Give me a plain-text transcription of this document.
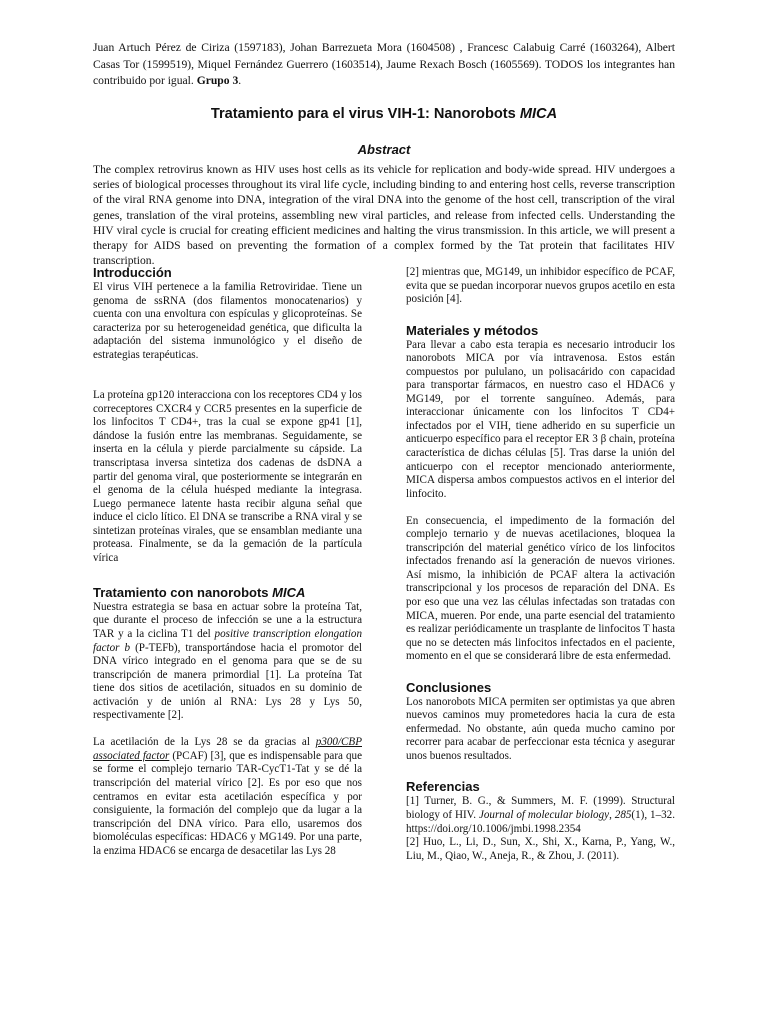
Juan Artuch Pérez de Ciriza (1597183), Johan Barrezueta Mora (1604508) , Francesc Calabuig Carré (1603264), Albert Casas Tor (1599519), Miquel Fernández Guerrero (1603514), Jaume Rexach Bosch (1605569). TODOS los integrantes han contribuido por igual. Grupo 3.
Tratamiento para el virus VIH-1: Nanorobots MICA
Abstract
The complex retrovirus known as HIV uses host cells as its vehicle for replication and body-wide spread. HIV undergoes a series of biological processes throughout its viral life cycle, including binding to and entering host cells, reverse transcription of the viral RNA genome into DNA, integration of the viral DNA into the genome of the host cell, transcription of the viral genes, translation of the viral proteins, assembling new viral particles, and release from infected cells. Understanding the HIV viral cycle is crucial for creating efficient medicines and halting the virus transmission. In this article, we will present a therapy for AIDS based on preventing the formation of a complex formed by the Tat protein that facilitates HIV transcription.
Introducción

El virus VIH pertenece a la familia Retroviridae. Tiene un genoma de ssRNA (dos filamentos monocatenarios) y cuenta con una envoltura con espículas y glicoproteínas. Se caracteriza por su heterogeneidad genética, que dificulta la adaptación del sistema inmunológico y el diseño de estrategias terapéuticas.

La proteína gp120 interacciona con los receptores CD4 y los correceptores CXCR4 y CCR5 presentes en la superficie de los linfocitos T CD4+, tras la cual se expone gp41 [1], dándose la fusión entre las membranas. Seguidamente, se inserta en la célula y pierde parcialmente su cápside. La transcriptasa inversa sintetiza dos cadenas de dsDNA a partir del genoma viral, que posteriormente se integrarán en el genoma de la célula huésped mediante la integrasa. Luego permanece latente hasta recibir alguna señal que induce el ciclo lítico. El DNA se transcribe a RNA viral y se sintetizan proteínas virales, que se ensamblan mediante una proteasa. Finalmente, se da la gemación de la partícula vírica

Tratamiento con nanorobots MICA

Nuestra estrategia se basa en actuar sobre la proteína Tat, que durante el proceso de infección se une a la estructura TAR y a la ciclina T1 del positive transcription elongation factor b (P-TEFb), transportándose hacia el promotor del DNA vírico integrado en el genoma para que se de su transcripción de manera primordial [1]. La proteína Tat tiene dos sitios de acetilación, situados en su dominio de activación y de unión al RNA: Lys 28 y Lys 50, respectivamente [2].

La acetilación de la Lys 28 se da gracias al p300/CBP associated factor (PCAF) [3], que es indispensable para que se forme el complejo ternario TAR-CycT1-Tat y se dé la transcripción del material vírico [2]. Es por eso que nos centramos en evitar esta acetilación específica y por consiguiente, la formación del complejo que da lugar a la transcripción del DNA vírico. Para ello, usaremos dos biomoléculas específicas: HDAC6 y MG149. Por una parte, la enzima HDAC6 se encarga de desacetilar las Lys 28

[2] mientras que, MG149, un inhibidor específico de PCAF, evita que se puedan incorporar nuevos grupos acetilo en esta posición [4].

Materiales y métodos

Para llevar a cabo esta terapia es necesario introducir los nanorobots MICA por vía intravenosa. Estos están compuestos por pululano, un polisacárido con capacidad para transportar fármacos, en nuestro caso el HDAC6 y MG149, por el torrente sanguíneo. Además, para interaccionar únicamente con los linfocitos T CD4+ infectados por el VIH, tiene adherido en su superficie un anticuerpo específico para el receptor ER 3 β chain, proteína característica de dichas células [5]. Tras darse la unión del anticuerpo con el receptor mencionado anteriormente, MICA dispersa ambos compuestos activos en el interior del linfocito.

En consecuencia, el impedimento de la formación del complejo ternario y de nuevas acetilaciones, bloquea la transcripción del material genético vírico de los linfocitos infectados frenando así la generación de nuevos viriones. Así mismo, la inhibición de PCAF altera la activación transcripcional y los procesos de reparación del DNA. Es por eso que una vez las células infectadas son tratadas con MICA, mueren. Por ende, una parte esencial del tratamiento es realizar periódicamente un trasplante de linfocitos T hasta que no se detecten más linfocitos infectados en el paciente, momento en el que se considerará libre de esta enfermedad.

Conclusiones

Los nanorobots MICA permiten ser optimistas ya que abren nuevos caminos muy prometedores hacia la cura de esta enfermedad. No obstante, aún queda mucho camino por recorrer para acabar de perfeccionar esta técnica y asegurar unos buenos resultados.

Referencias

[1] Turner, B. G., & Summers, M. F. (1999). Structural biology of HIV. Journal of molecular biology, 285(1), 1–32. https://doi.org/10.1006/jmbi.1998.2354

[2] Huo, L., Li, D., Sun, X., Shi, X., Karna, P., Yang, W., Liu, M., Qiao, W., Aneja, R., & Zhou, J. (2011).
